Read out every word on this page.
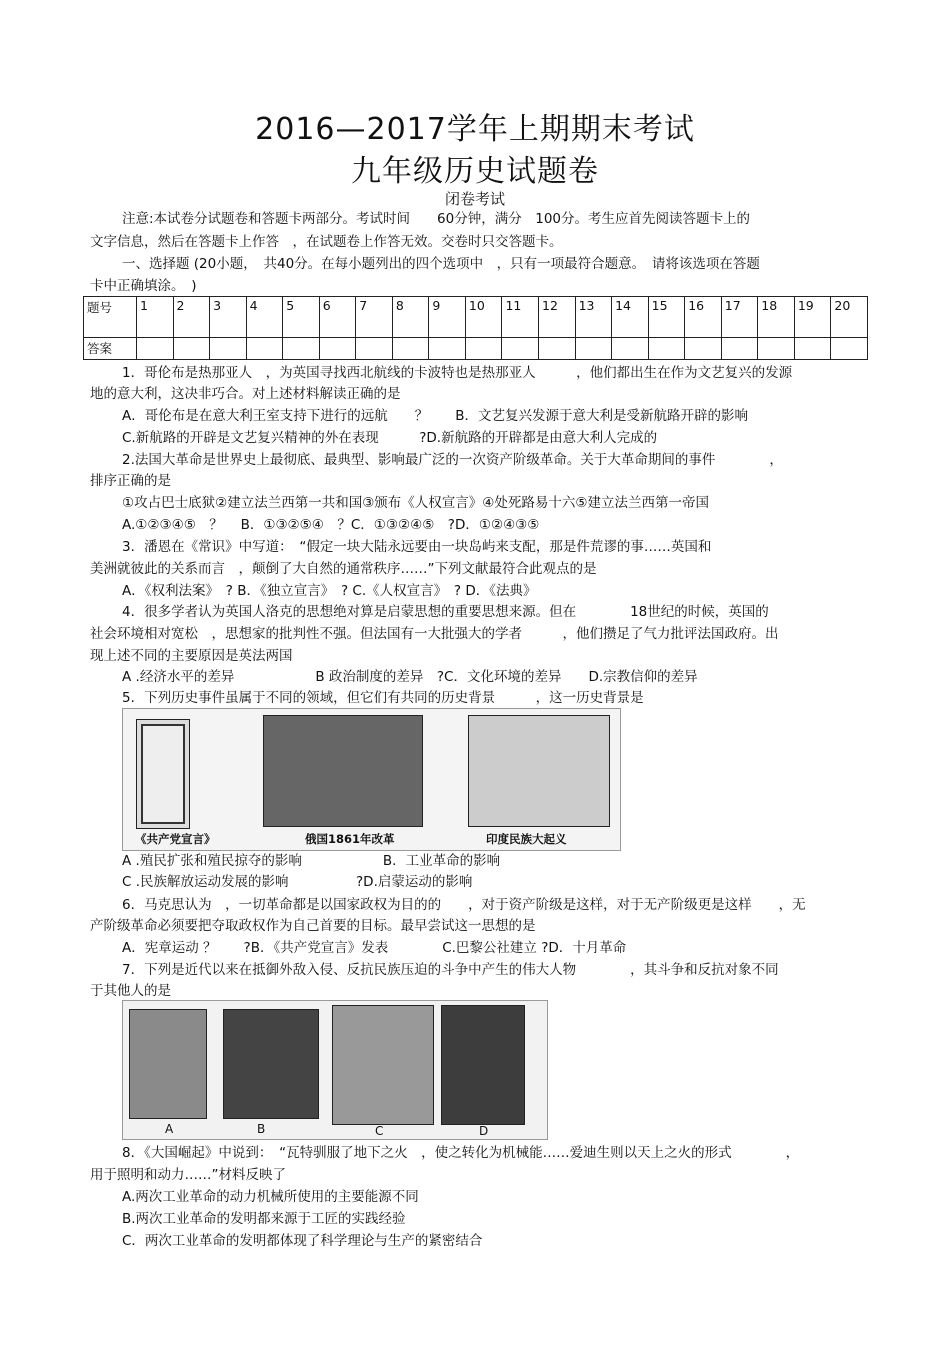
2016—2017学年上期期末考试
九年级历史试题卷
闭卷考试
注意:本试卷分试题卷和答题卡两部分。考试时间　　60分钟，满分　100分。考生应首先阅读答题卡上的
文字信息，然后在答题卡上作答　，在试题卷上作答无效。交卷时只交答题卡。
一、选择题 (20小题，　共40分。在每小题列出的四个选项中　，只有一项最符合题意。　请将该选项在答题
卡中正确填涂。　)
题号	1	2	3	4	5	6	7	8	9	10	11	12	13	14	15	16	17	18	19	20
答案																				
1．哥伦布是热那亚人　，为英国寻找西北航线的卡波特也是热那亚人　　　，他们都出生在作为文艺复兴的发源
地的意大利，这决非巧合。对上述材料解读正确的是
A．哥伦布是在意大利王室支持下进行的远航　　？　　B．文艺复兴发源于意大利是受新航路开辟的影响
C.新航路的开辟是文艺复兴精神的外在表现　　　?D.新航路的开辟都是由意大利人完成的
2.法国大革命是世界史上最彻底、最典型、影响最广泛的一次资产阶级革命。关于大革命期间的事件　　　　，
排序正确的是
①攻占巴士底狱②建立法兰西第一共和国③颁布《人权宣言》④处死路易十六⑤建立法兰西第一帝国
A.①②③④⑤　？　 B．①③②⑤④　？C．①③②④⑤　?D．①②④③⑤
3．潘恩在《常识》中写道：　“假定一块大陆永远要由一块岛屿来支配，那是件荒谬的事……英国和
美洲就彼此的关系而言　，颠倒了大自然的通常秩序……”下列文献最符合此观点的是
A．《权利法案》　? B．《独立宣言》　? C.《人权宣言》　? D．《法典》
4．很多学者认为英国人洛克的思想绝对算是启蒙思想的重要思想来源。但在　　　　18世纪的时候，英国的
社会环境相对宽松　，思想家的批判性不强。但法国有一大批强大的学者　　　，他们攒足了气力批评法国政府。出
现上述不同的主要原因是英法两国
A .经济水平的差异　　　　　　B 政治制度的差异　?C．文化环境的差异　　D.宗教信仰的差异
5．下列历史事件虽属于不同的领域，但它们有共同的历史背景　　　，这一历史背景是
《共产党宣言》	俄国1861年改革	印度民族大起义
A .殖民扩张和殖民掠夺的影响　　　　　　B．工业革命的影响
C .民族解放运动发展的影响　　　　　?D.启蒙运动的影响
6．马克思认为　，一切革命都是以国家政权为目的的　　，对于资产阶级是这样，对于无产阶级更是这样　　，无
产阶级革命必须要把夺取政权作为自己首要的目标。最早尝试这一思想的是
A．宪章运动 ？　　?B．《共产党宣言》发表　　　　C.巴黎公社建立 ?D．十月革命
7．下列是近代以来在抵御外敌入侵、反抗民族压迫的斗争中产生的伟大人物　　　　，其斗争和反抗对象不同
于其他人的是
A	B	C	D
8．《大国崛起》中说到：　“瓦特驯服了地下之火　，使之转化为机械能……爱迪生则以天上之火的形式　　　　，
用于照明和动力……”材料反映了
A.两次工业革命的动力机械所使用的主要能源不同
B.两次工业革命的发明都来源于工匠的实践经验
C．两次工业革命的发明都体现了科学理论与生产的紧密结合
